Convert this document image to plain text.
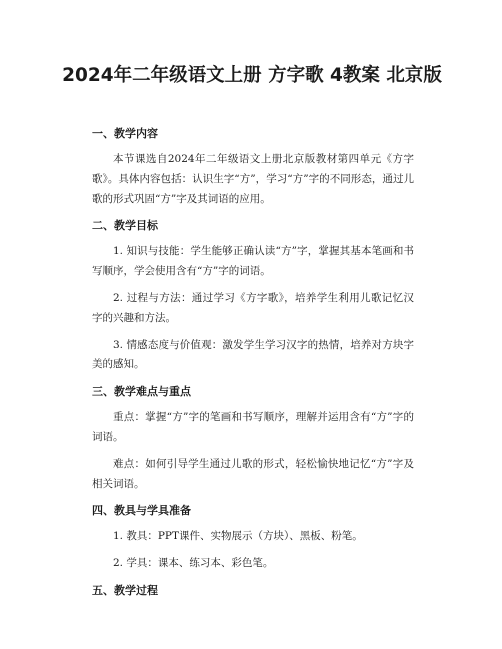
2024年二年级语文上册 方字歌 4教案 北京版
一、教学内容

本节课选自2024年二年级语文上册北京版教材第四单元《方字歌》。具体内容包括：认识生字“方”，学习“方”字的不同形态，通过儿歌的形式巩固“方”字及其词语的应用。

二、教学目标

1. 知识与技能：学生能够正确认读“方”字，掌握其基本笔画和书写顺序，学会使用含有“方”字的词语。

2. 过程与方法：通过学习《方字歌》，培养学生利用儿歌记忆汉字的兴趣和方法。

3. 情感态度与价值观：激发学生学习汉字的热情，培养对方块字美的感知。

三、教学难点与重点

重点：掌握“方”字的笔画和书写顺序，理解并运用含有“方”字的词语。

难点：如何引导学生通过儿歌的形式，轻松愉快地记忆“方”字及相关词语。

四、教具与学具准备

1. 教具：PPT课件、实物展示（方块）、黑板、粉笔。

2. 学具：课本、练习本、彩色笔。

五、教学过程
